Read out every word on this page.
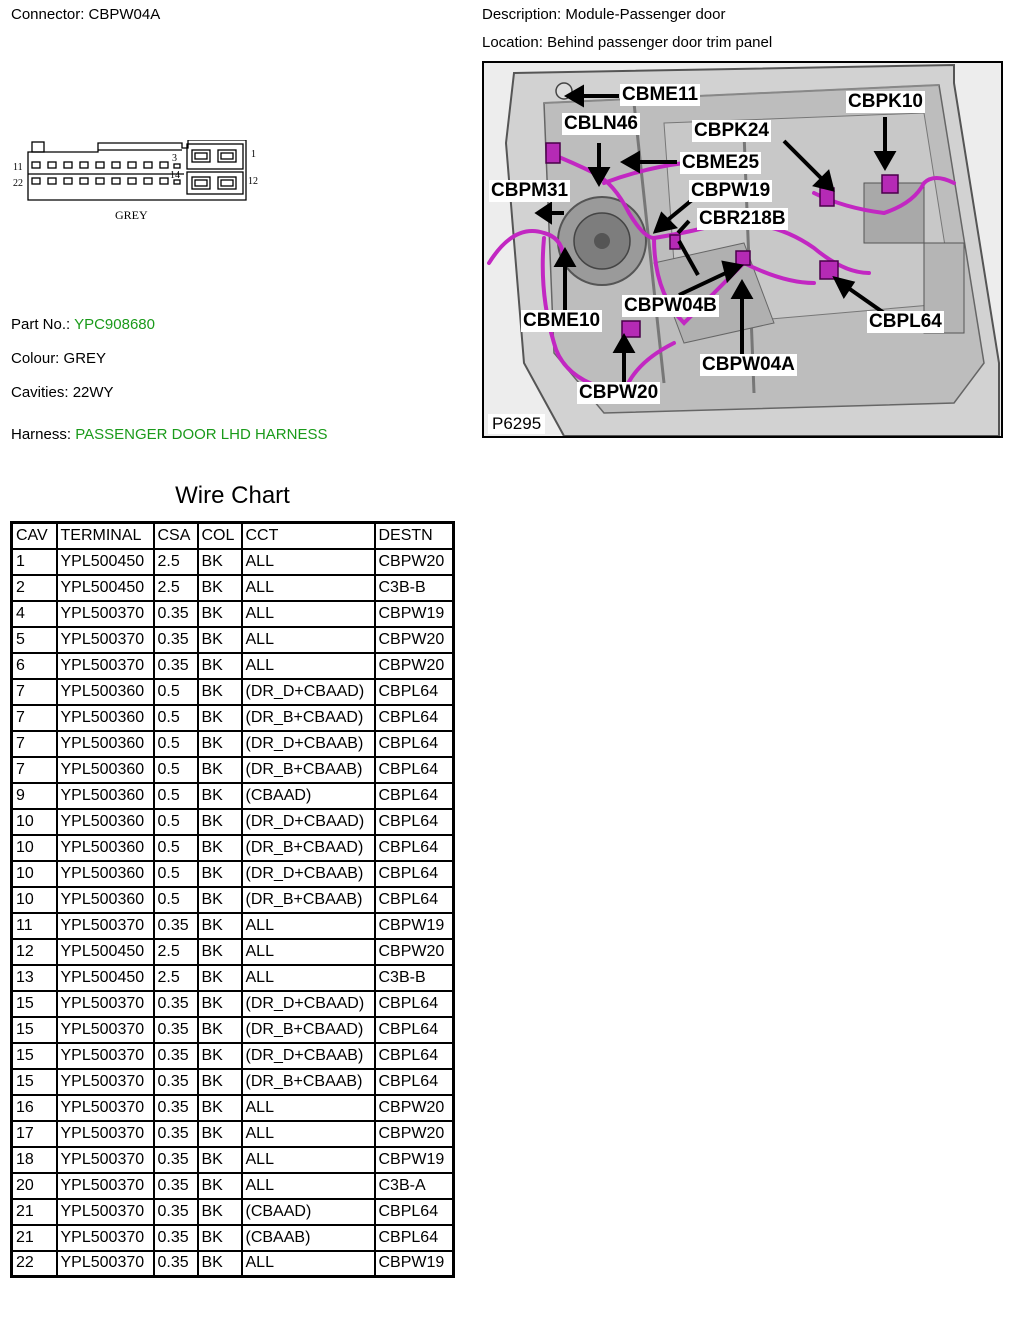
Connector: CBPW04A	Description: Module-Passenger door
Location: Behind passenger door trim panel
11
22
3
14
1
12
GREY
Part No.: YPC908680
Colour: GREY
Cavities: 22WY
Harness: PASSENGER DOOR LHD HARNESS
CBME11	CBPK10
CBLN46	CBPK24
CBME25
CBPM31	CBPW19
CBR218B
CBPW04B
CBPL64
CBME10
CBPW04A
CBPW20
P6295
Wire Chart
CAV	TERMINAL	CSA	COL	CCT	DESTN
1	YPL500450	2.5	BK	ALL	CBPW20
2	YPL500450	2.5	BK	ALL	C3B-B
4	YPL500370	0.35	BK	ALL	CBPW19
5	YPL500370	0.35	BK	ALL	CBPW20
6	YPL500370	0.35	BK	ALL	CBPW20
7	YPL500360	0.5	BK	(DR_D+CBAAD)	CBPL64
7	YPL500360	0.5	BK	(DR_B+CBAAD)	CBPL64
7	YPL500360	0.5	BK	(DR_D+CBAAB)	CBPL64
7	YPL500360	0.5	BK	(DR_B+CBAAB)	CBPL64
9	YPL500360	0.5	BK	(CBAAD)	CBPL64
10	YPL500360	0.5	BK	(DR_D+CBAAD)	CBPL64
10	YPL500360	0.5	BK	(DR_B+CBAAD)	CBPL64
10	YPL500360	0.5	BK	(DR_D+CBAAB)	CBPL64
10	YPL500360	0.5	BK	(DR_B+CBAAB)	CBPL64
11	YPL500370	0.35	BK	ALL	CBPW19
12	YPL500450	2.5	BK	ALL	CBPW20
13	YPL500450	2.5	BK	ALL	C3B-B
15	YPL500370	0.35	BK	(DR_D+CBAAD)	CBPL64
15	YPL500370	0.35	BK	(DR_B+CBAAD)	CBPL64
15	YPL500370	0.35	BK	(DR_D+CBAAB)	CBPL64
15	YPL500370	0.35	BK	(DR_B+CBAAB)	CBPL64
16	YPL500370	0.35	BK	ALL	CBPW20
17	YPL500370	0.35	BK	ALL	CBPW20
18	YPL500370	0.35	BK	ALL	CBPW19
20	YPL500370	0.35	BK	ALL	C3B-A
21	YPL500370	0.35	BK	(CBAAD)	CBPL64
21	YPL500370	0.35	BK	(CBAAB)	CBPL64
22	YPL500370	0.35	BK	ALL	CBPW19
